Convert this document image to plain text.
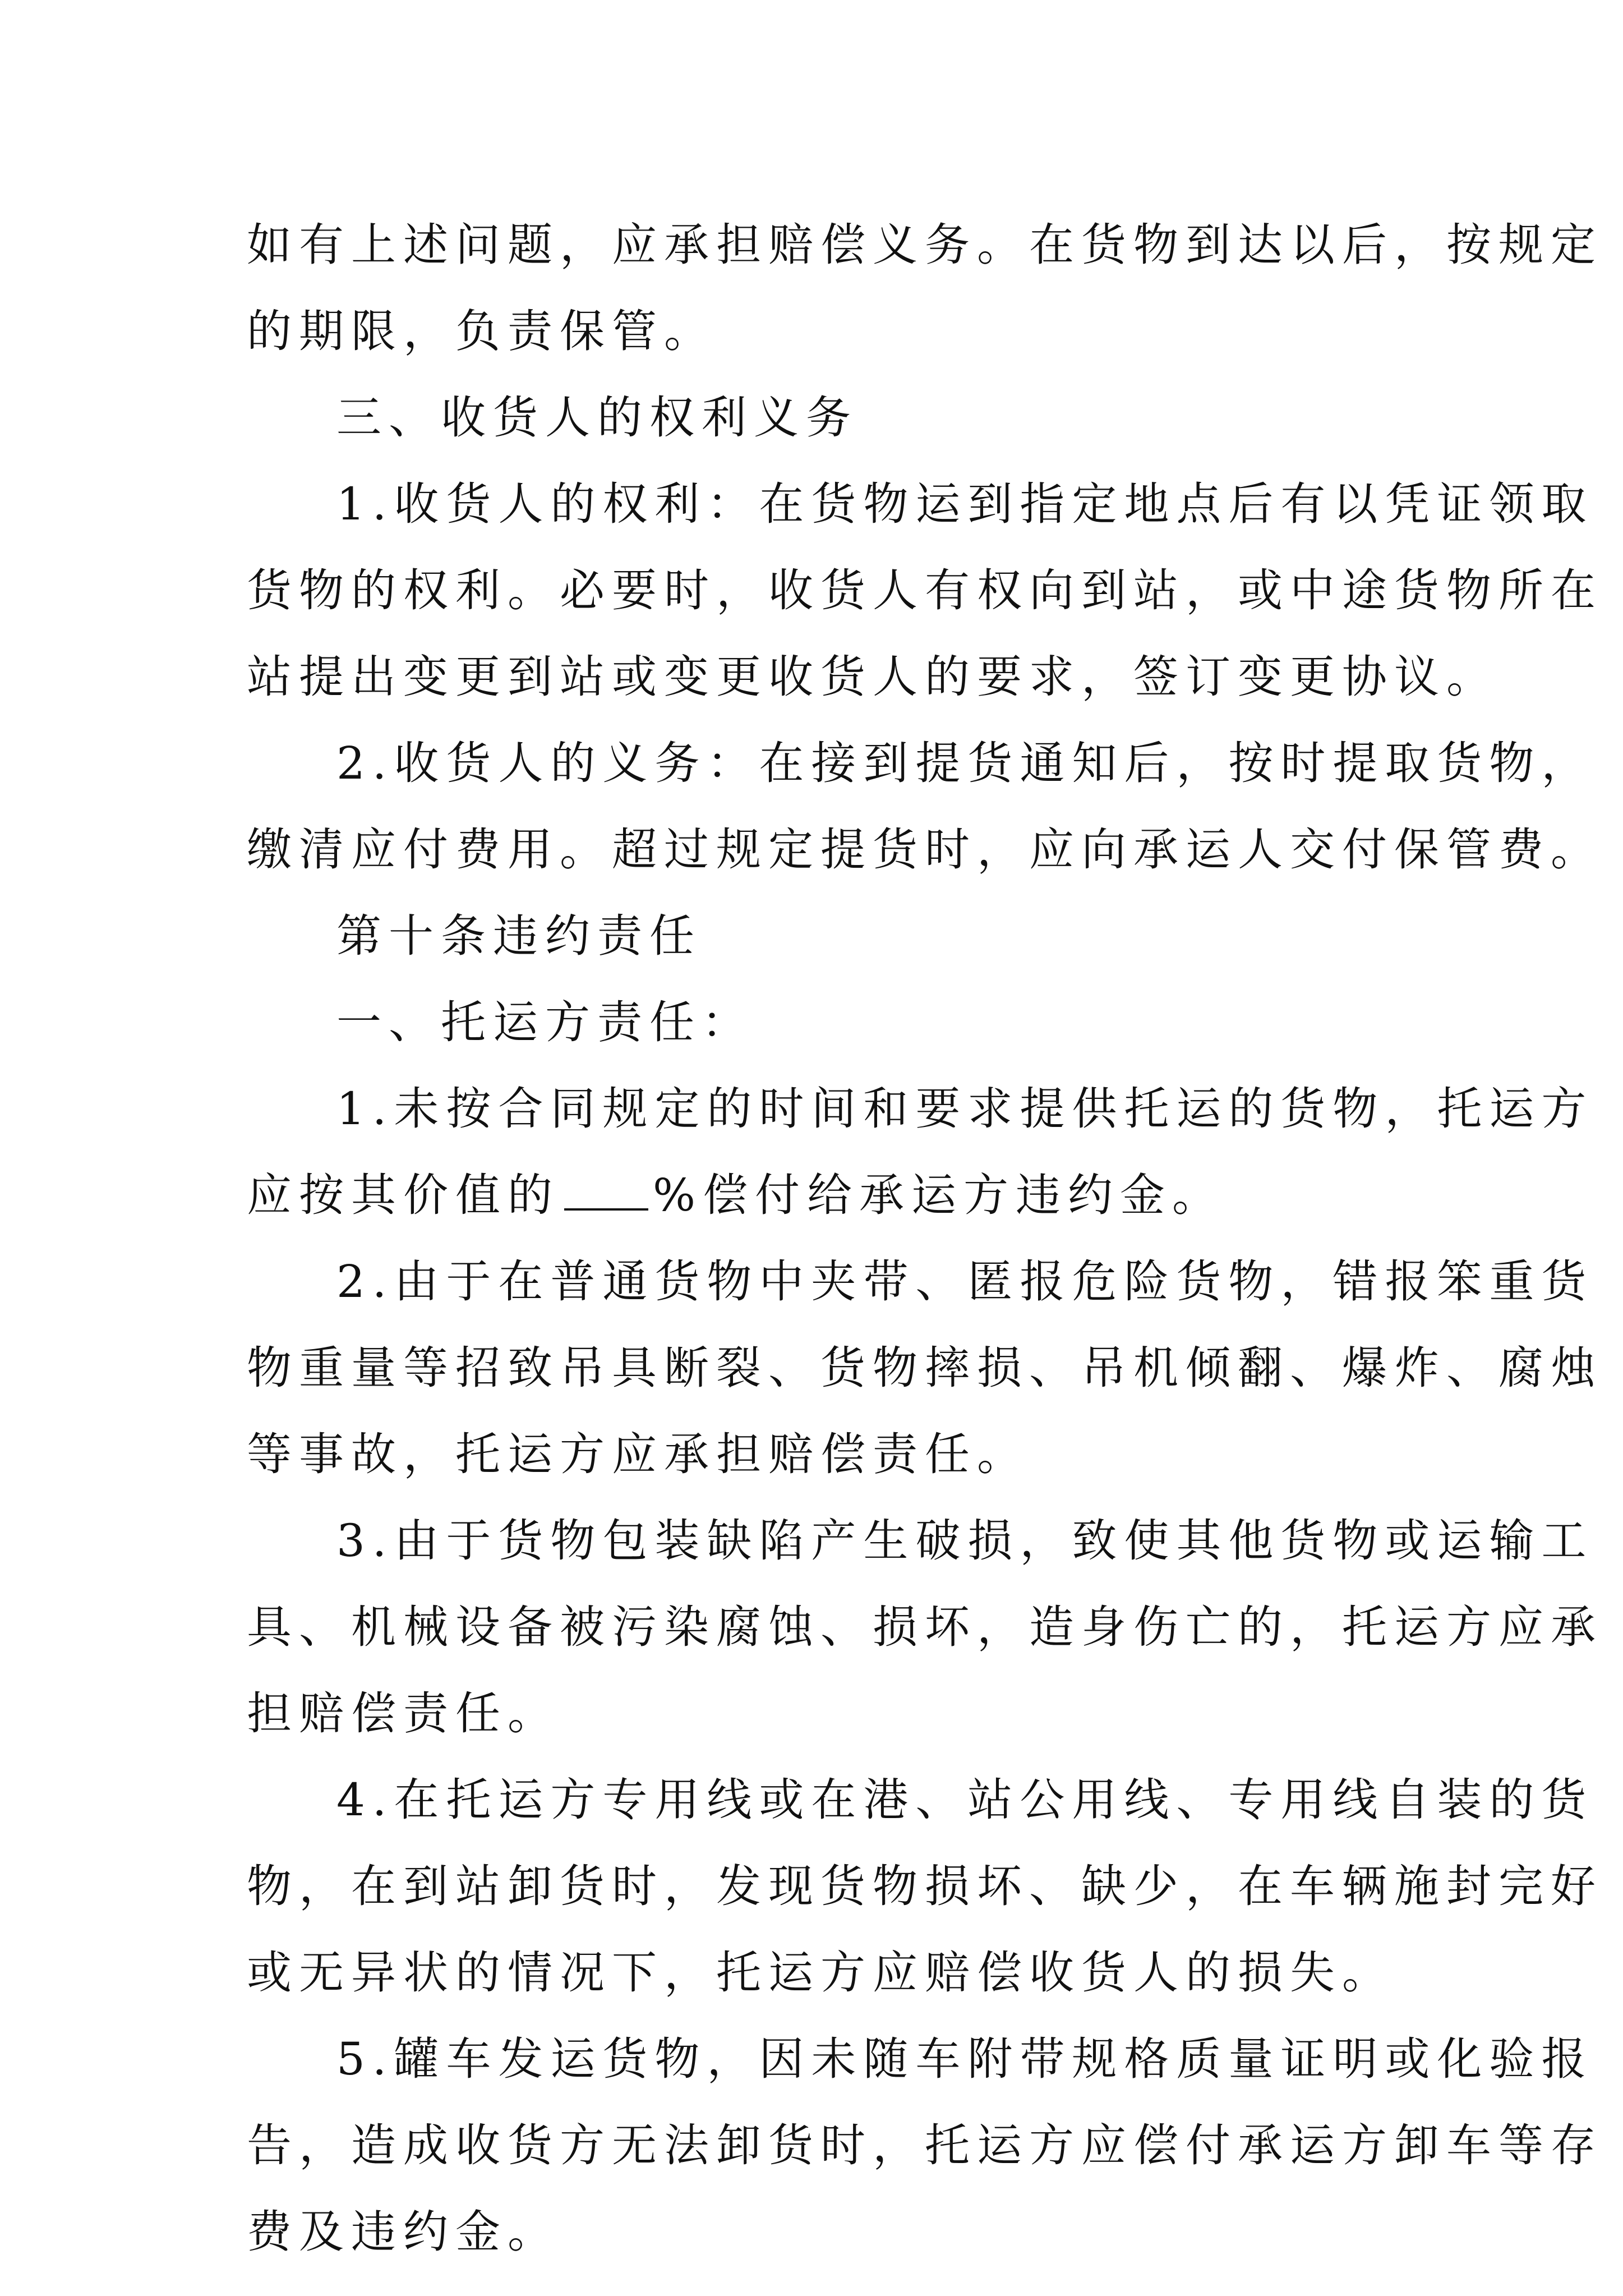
如有上述问题，应承担赔偿义务。在货物到达以后，按规定
的期限，负责保管。

三、收货人的权利义务

1.收货人的权利：在货物运到指定地点后有以凭证领取
货物的权利。必要时，收货人有权向到站，或中途货物所在
站提出变更到站或变更收货人的要求，签订变更协议。

2.收货人的义务：在接到提货通知后，按时提取货物，
缴清应付费用。超过规定提货时，应向承运人交付保管费。

第十条违约责任

一、托运方责任：

1.未按合同规定的时间和要求提供托运的货物，托运方
应按其价值的 %偿付给承运方违约金。

2.由于在普通货物中夹带、匿报危险货物，错报笨重货
物重量等招致吊具断裂、货物摔损、吊机倾翻、爆炸、腐烛
等事故，托运方应承担赔偿责任。

3.由于货物包装缺陷产生破损，致使其他货物或运输工
具、机械设备被污染腐蚀、损坏，造身伤亡的，托运方应承
担赔偿责任。

4.在托运方专用线或在港、站公用线、专用线自装的货
物，在到站卸货时，发现货物损坏、缺少，在车辆施封完好
或无异状的情况下，托运方应赔偿收货人的损失。

5.罐车发运货物，因未随车附带规格质量证明或化验报
告，造成收货方无法卸货时，托运方应偿付承运方卸车等存
费及违约金。
